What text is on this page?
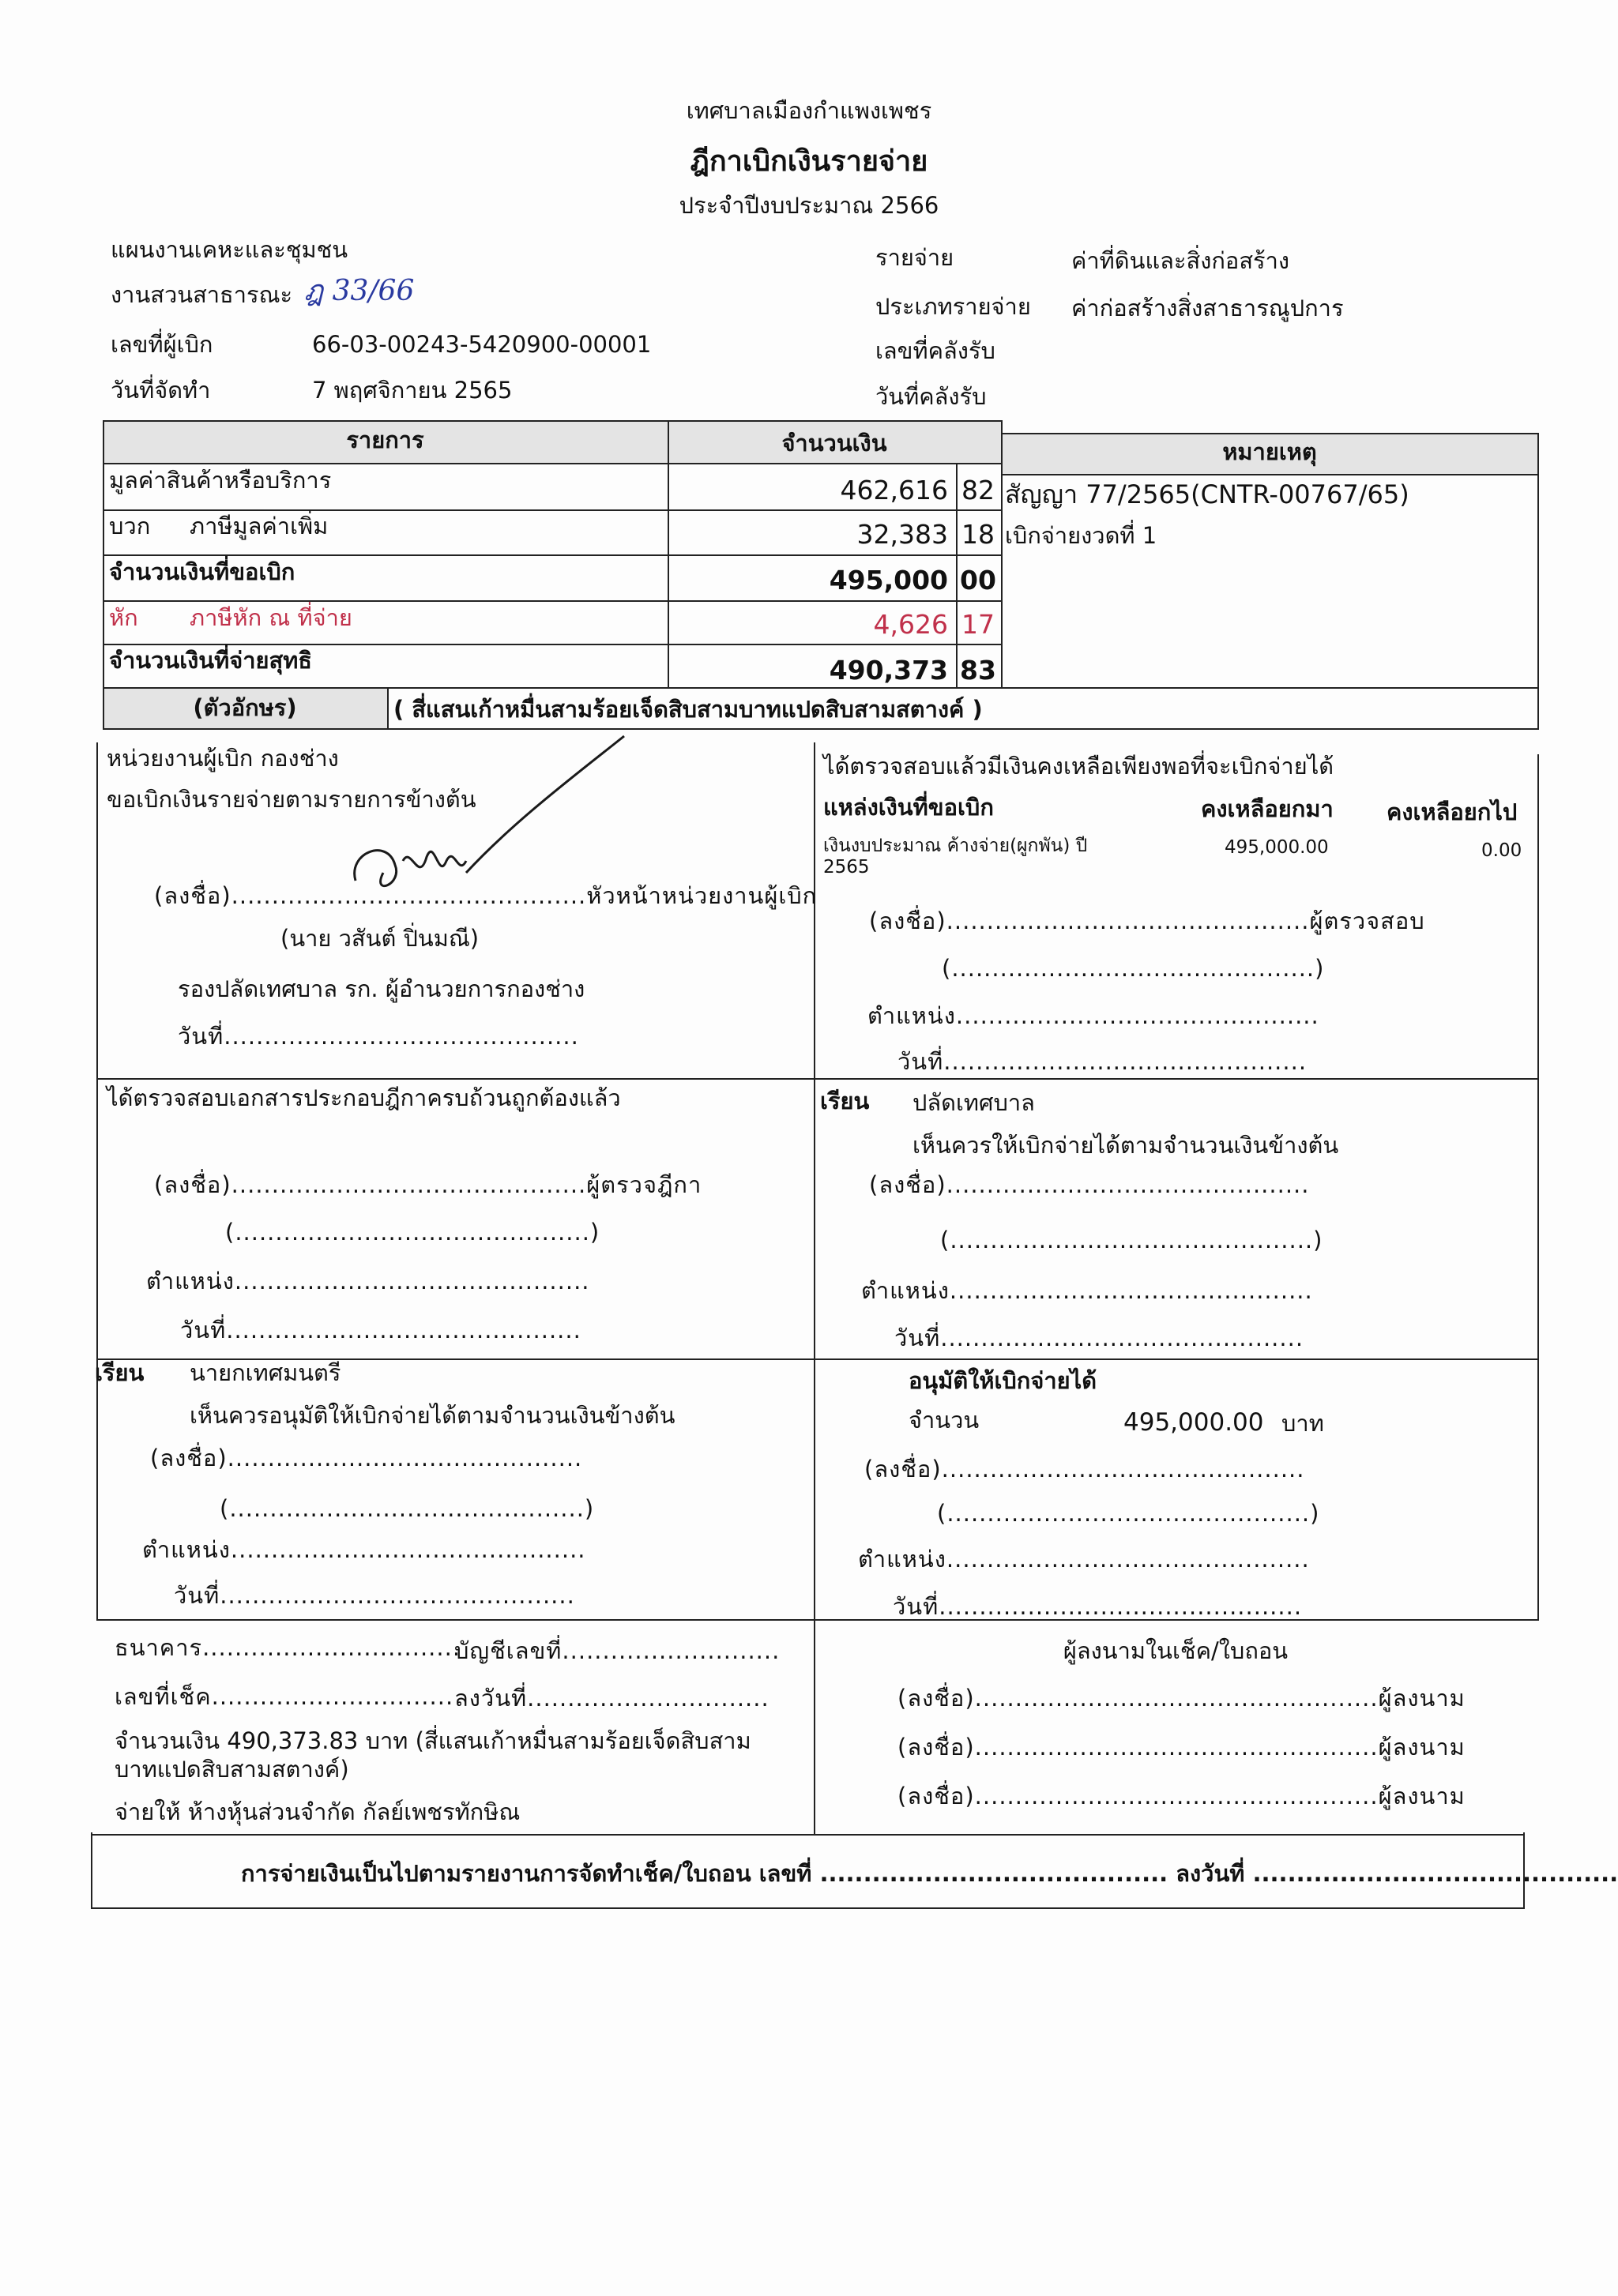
เทศบาลเมืองกำแพงเพชร
ฎีกาเบิกเงินรายจ่าย
ประจำปีงบประมาณ 2566
แผนงานเคหะและชุมชน
งานสวนสาธารณะ ฎ 33/66
เลขที่ผู้เบิก	66-03-00243-5420900-00001
วันที่จัดทำ	7 พฤศจิกายน 2565
รายจ่าย	ค่าที่ดินและสิ่งก่อสร้าง
ประเภทรายจ่าย ค่าก่อสร้างสิ่งสาธารณูปการ
เลขที่คลังรับ
วันที่คลังรับ
รายการ	จำนวนเงิน	หมายเหตุ
มูลค่าสินค้าหรือบริการ	462,616 82
บวก ภาษีมูลค่าเพิ่ม	32,383 18
จำนวนเงินที่ขอเบิก	495,000 00
หัก ภาษีหัก ณ ที่จ่าย	4,626 17
จำนวนเงินที่จ่ายสุทธิ	490,373 83
สัญญา 77/2565(CNTR-00767/65)
เบิกจ่ายงวดที่ 1
(ตัวอักษร)	( สี่แสนเก้าหมื่นสามร้อยเจ็ดสิบสามบาทแปดสิบสามสตางค์ )
หน่วยงานผู้เบิก กองช่าง
ขอเบิกเงินรายจ่ายตามรายการข้างต้น
(ลงชื่อ)............................................หัวหน้าหน่วยงานผู้เบิก
(นาย วสันต์ ปิ่นมณี)
รองปลัดเทศบาล รก. ผู้อำนวยการกองช่าง
วันที่............................................
ได้ตรวจสอบแล้วมีเงินคงเหลือเพียงพอที่จะเบิกจ่ายได้
แหล่งเงินที่ขอเบิก	คงเหลือยกมา คงเหลือยกไป
เงินงบประมาณ ค้างจ่าย(ผูกพัน) ปี
2565
495,000.00	0.00
(ลงชื่อ).............................................ผู้ตรวจสอบ
(.............................................)
ตำแหน่ง.............................................
วันที่.............................................
ได้ตรวจสอบเอกสารประกอบฎีกาครบถ้วนถูกต้องแล้ว
(ลงชื่อ)............................................ผู้ตรวจฎีกา
(............................................)
ตำแหน่ง............................................
วันที่............................................
เรียน ปลัดเทศบาล
เห็นควรให้เบิกจ่ายได้ตามจำนวนเงินข้างต้น
(ลงชื่อ).............................................
(.............................................)
ตำแหน่ง.............................................
วันที่.............................................
เรียน นายกเทศมนตรี
เห็นควรอนุมัติให้เบิกจ่ายได้ตามจำนวนเงินข้างต้น
(ลงชื่อ)............................................
(............................................)
ตำแหน่ง............................................
วันที่............................................
อนุมัติให้เบิกจ่ายได้
จำนวน	495,000.00 บาท
(ลงชื่อ).............................................
(.............................................)
ตำแหน่ง.............................................
วันที่.............................................
ธนาคาร................................
บัญชีเลขที่...........................
เลขที่เช็ค.............................. ลงวันที่..............................
จำนวนเงิน 490,373.83 บาท (สี่แสนเก้าหมื่นสามร้อยเจ็ดสิบสาม
บาทแปดสิบสามสตางค์)
จ่ายให้ ห้างหุ้นส่วนจำกัด กัลย์เพชรทักษิณ
ผู้ลงนามในเช็ค/ใบถอน
(ลงชื่อ)..................................................ผู้ลงนาม
(ลงชื่อ)..................................................ผู้ลงนาม
(ลงชื่อ)..................................................ผู้ลงนาม
การจ่ายเงินเป็นไปตามรายงานการจัดทำเช็ค/ใบถอน เลขที่ ........................................ ลงวันที่ ..........................................
